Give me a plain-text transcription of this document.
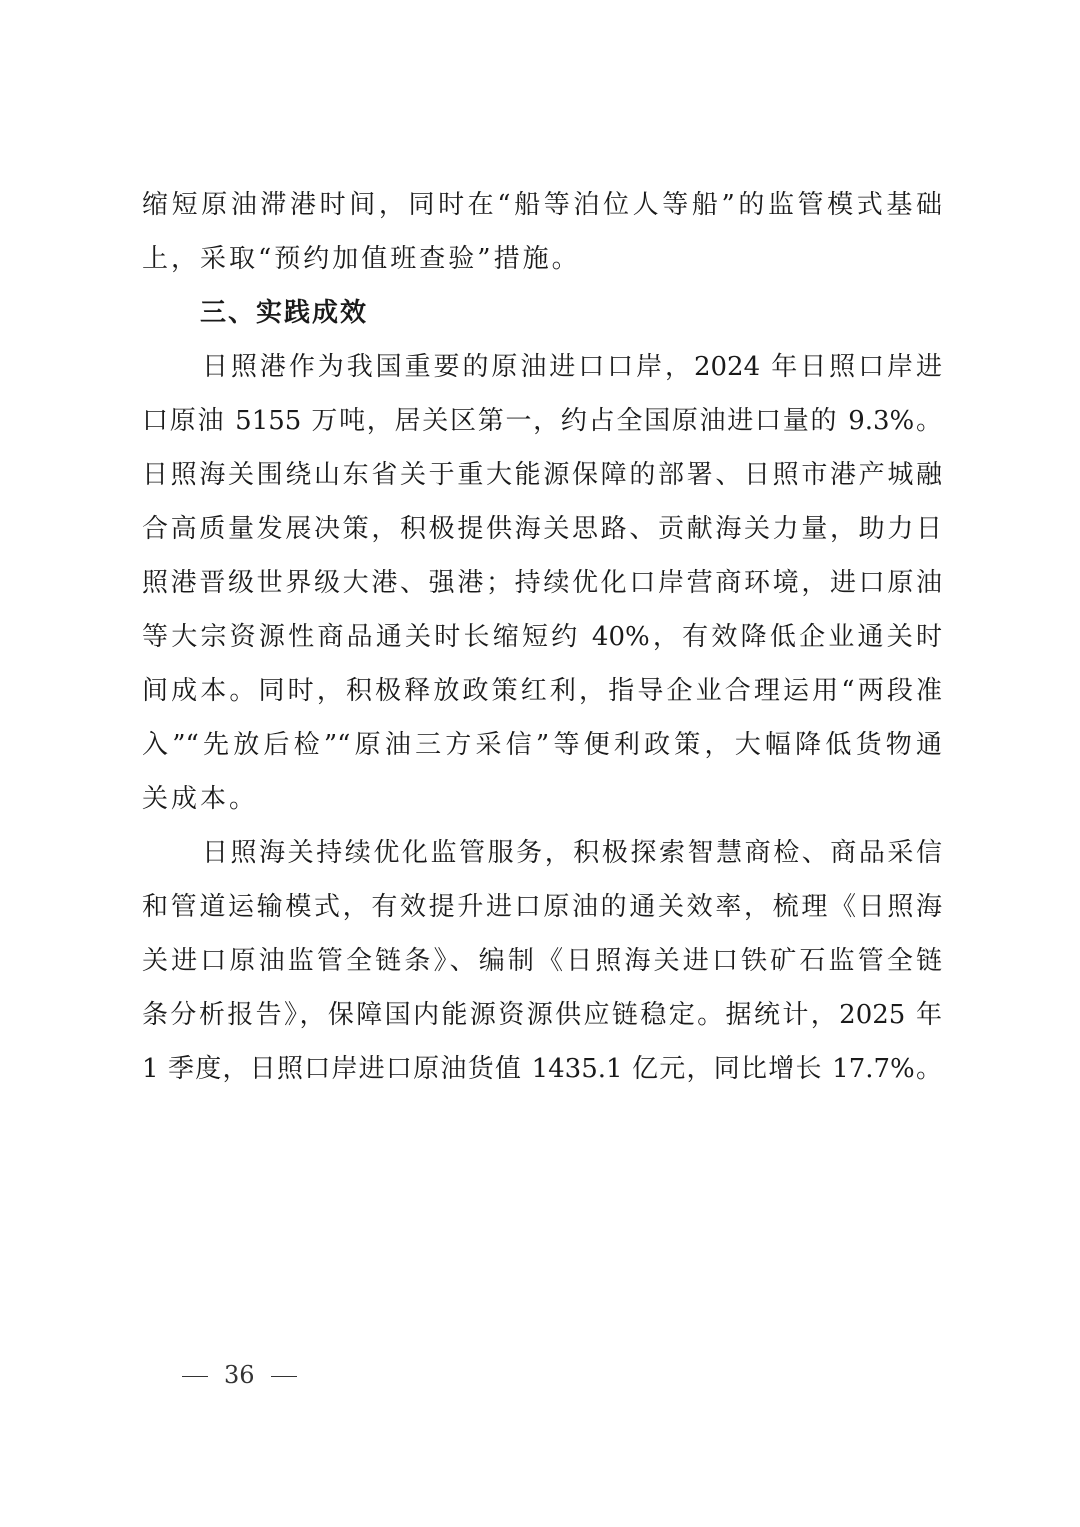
缩短原油滞港时间，同时在“船等泊位人等船”的监管模式基础
上，采取“预约加值班查验”措施。
三、实践成效
日照港作为我国重要的原油进口口岸，2024 年日照口岸进
口原油 5155 万吨，居关区第一，约占全国原油进口量的 9.3%。
日照海关围绕山东省关于重大能源保障的部署、日照市港产城融
合高质量发展决策，积极提供海关思路、贡献海关力量，助力日
照港晋级世界级大港、强港；持续优化口岸营商环境，进口原油
等大宗资源性商品通关时长缩短约 40%，有效降低企业通关时
间成本。同时，积极释放政策红利，指导企业合理运用“两段准
入”“先放后检”“原油三方采信”等便利政策，大幅降低货物通
关成本。
日照海关持续优化监管服务，积极探索智慧商检、商品采信
和管道运输模式，有效提升进口原油的通关效率，梳理《日照海
关进口原油监管全链条》、编制《日照海关进口铁矿石监管全链
条分析报告》，保障国内能源资源供应链稳定。据统计，2025 年
1 季度，日照口岸进口原油货值 1435.1 亿元，同比增长 17.7%。
36
